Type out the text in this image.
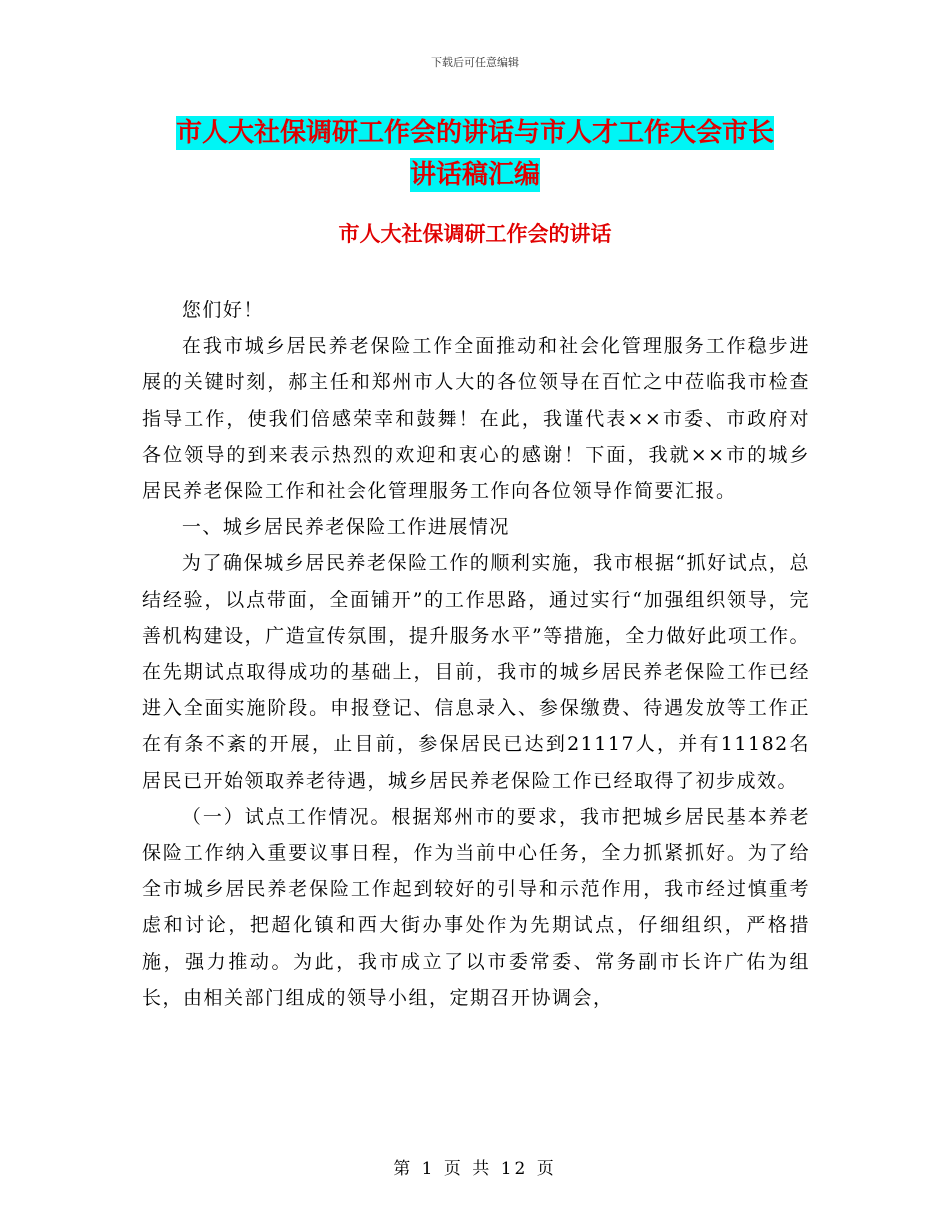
下载后可任意编辑
市人大社保调研工作会的讲话与市人才工作大会市长
讲话稿汇编
市人大社保调研工作会的讲话

您们好！

在我市城乡居民养老保险工作全面推动和社会化管理服务工作稳步进展的关键时刻，郝主任和郑州市人大的各位领导在百忙之中莅临我市检查指导工作，使我们倍感荣幸和鼓舞！在此，我谨代表××市委、市政府对各位领导的到来表示热烈的欢迎和衷心的感谢！下面，我就××市的城乡居民养老保险工作和社会化管理服务工作向各位领导作简要汇报。

一、城乡居民养老保险工作进展情况

为了确保城乡居民养老保险工作的顺利实施，我市根据“抓好试点，总结经验，以点带面，全面铺开”的工作思路，通过实行“加强组织领导，完善机构建设，广造宣传氛围，提升服务水平”等措施，全力做好此项工作。在先期试点取得成功的基础上，目前，我市的城乡居民养老保险工作已经进入全面实施阶段。申报登记、信息录入、参保缴费、待遇发放等工作正在有条不紊的开展，止目前，参保居民已达到21117人，并有11182名居民已开始领取养老待遇，城乡居民养老保险工作已经取得了初步成效。

（一）试点工作情况。根据郑州市的要求，我市把城乡居民基本养老保险工作纳入重要议事日程，作为当前中心任务，全力抓紧抓好。为了给全市城乡居民养老保险工作起到较好的引导和示范作用，我市经过慎重考虑和讨论，把超化镇和西大街办事处作为先期试点，仔细组织，严格措施，强力推动。为此，我市成立了以市委常委、常务副市长许广佑为组长，由相关部门组成的领导小组，定期召开协调会，

第 1 页 共 12 页
